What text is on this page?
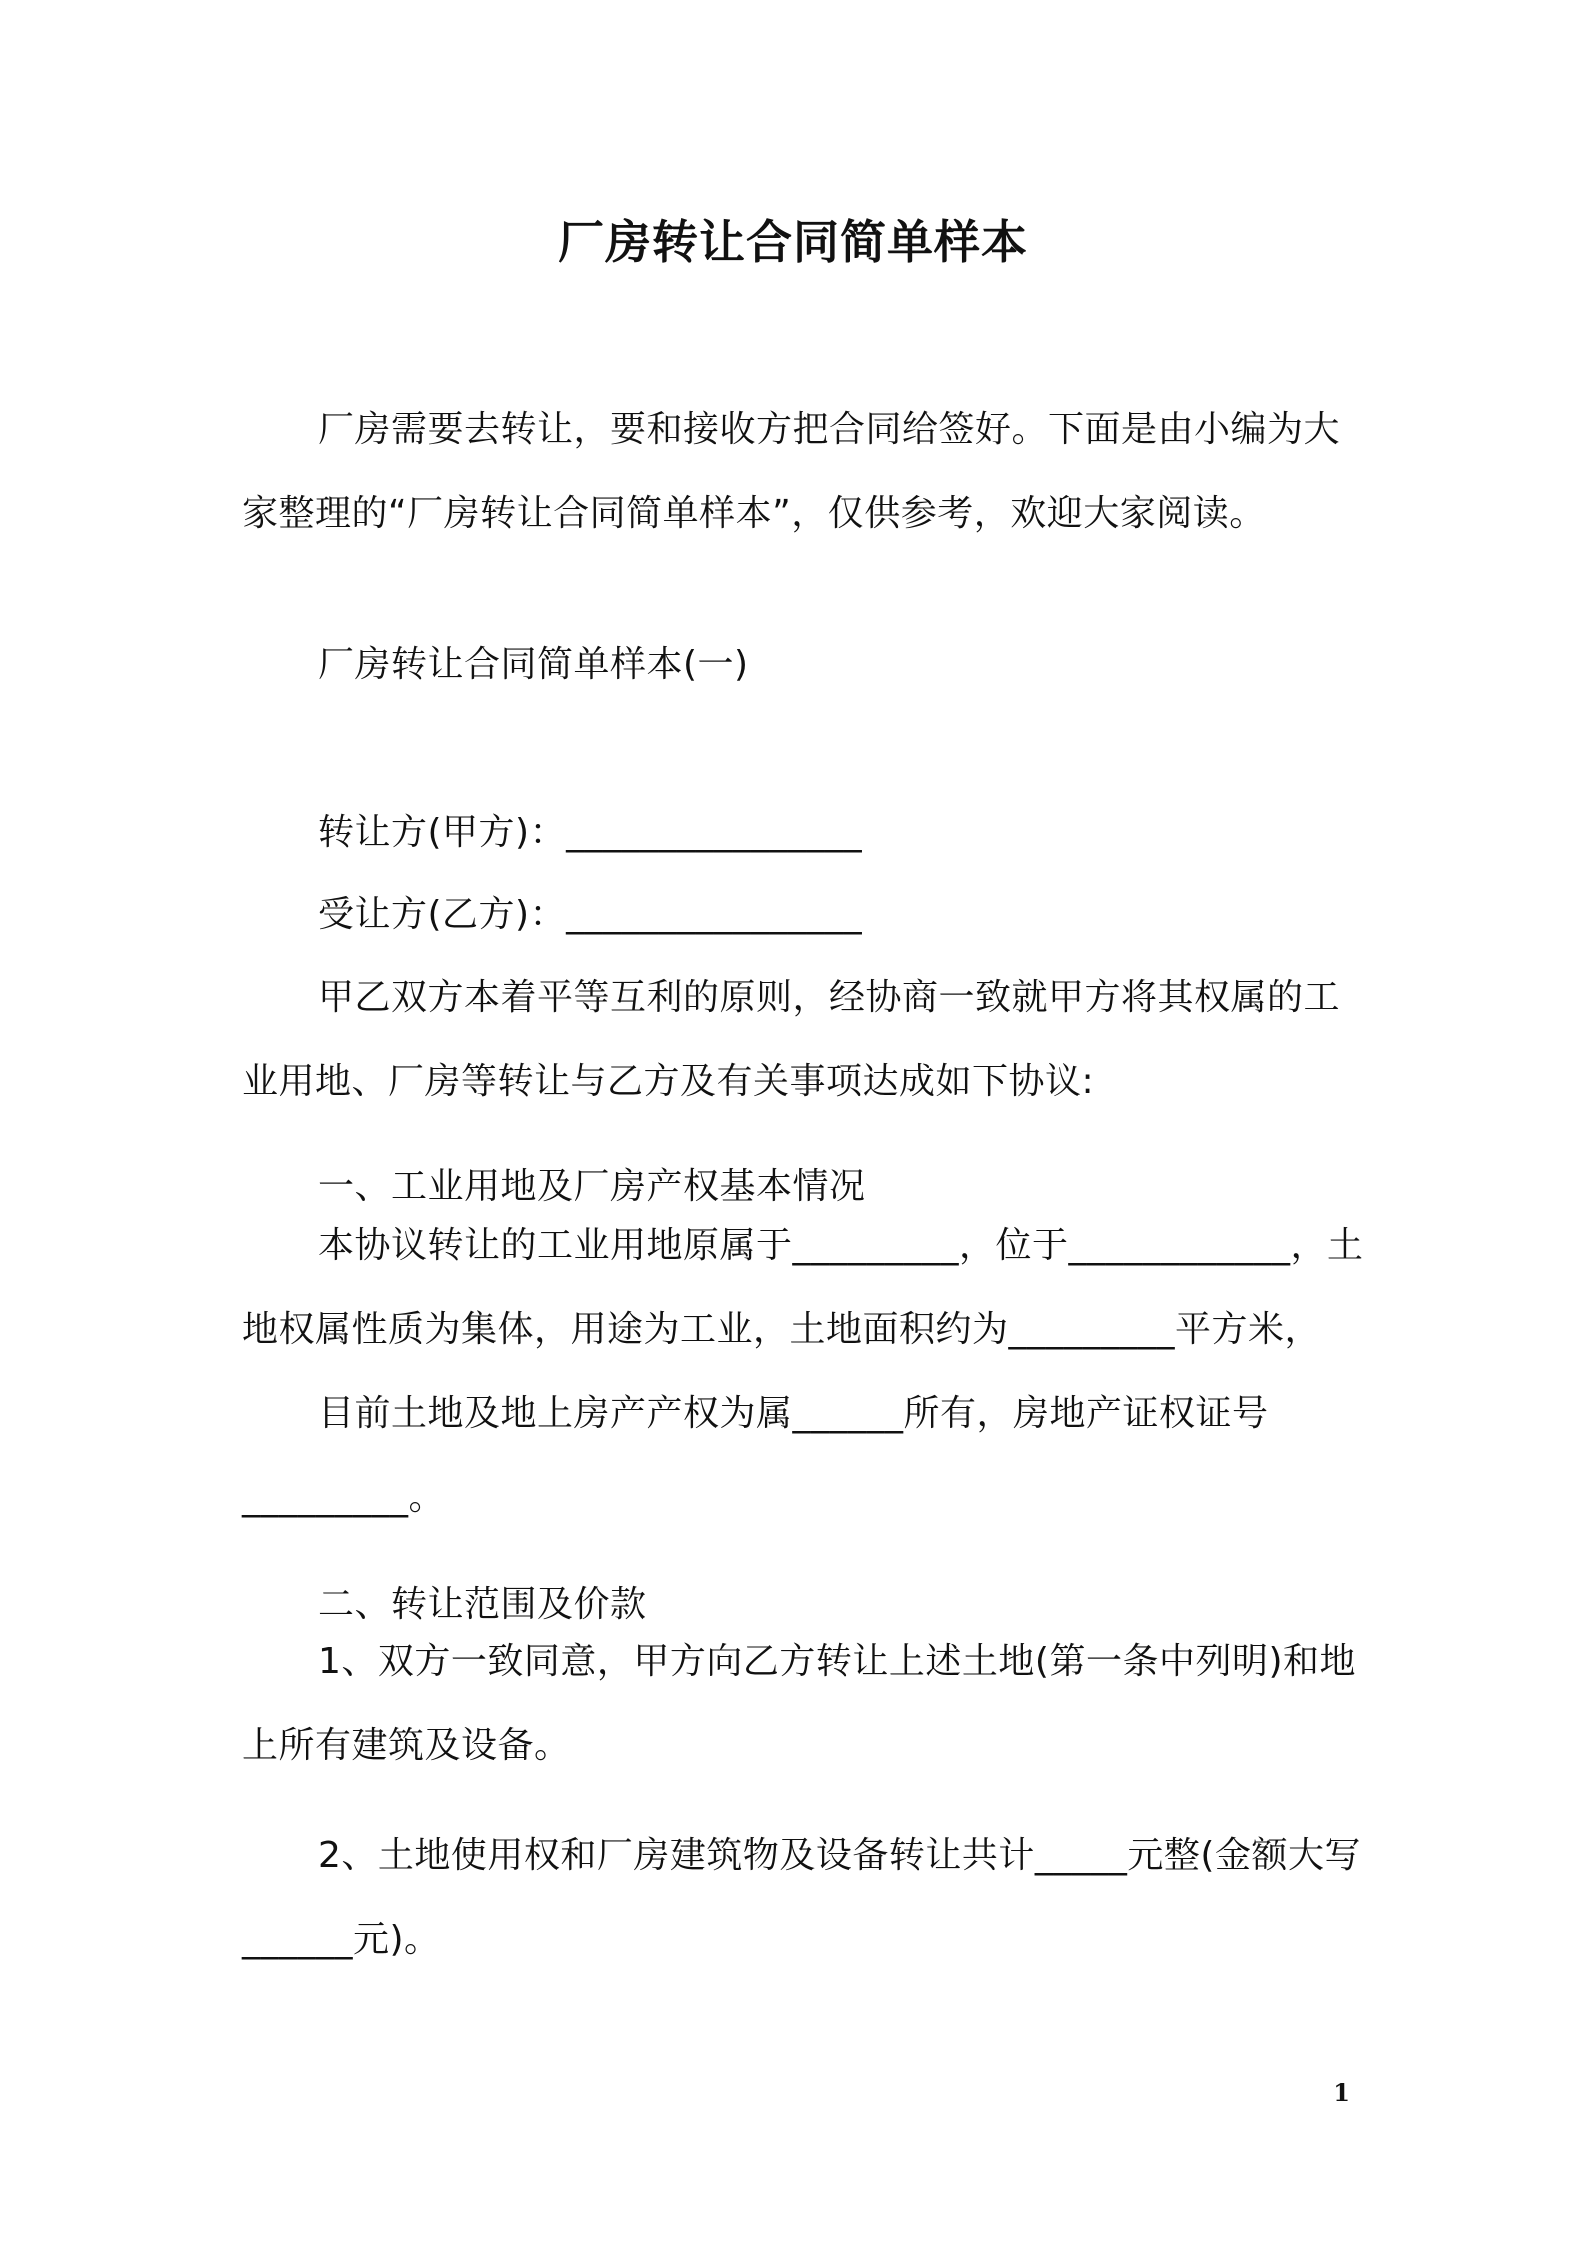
厂房转让合同简单样本

厂房需要去转让，要和接收方把合同给签好。下面是由小编为大家整理的“厂房转让合同简单样本”，仅供参考，欢迎大家阅读。

厂房转让合同简单样本(一)

转让方(甲方)：________________

受让方(乙方)：________________

甲乙双方本着平等互利的原则，经协商一致就甲方将其权属的工业用地、厂房等转让与乙方及有关事项达成如下协议:

一、工业用地及厂房产权基本情况

本协议转让的工业用地原属于_________，位于____________，土地权属性质为集体，用途为工业，土地面积约为_________平方米，

目前土地及地上房产产权为属______所有，房地产证权证号_________。

二、转让范围及价款

1、双方一致同意，甲方向乙方转让上述土地(第一条中列明)和地上所有建筑及设备。

2、土地使用权和厂房建筑物及设备转让共计_____元整(金额大写______元)。

1
